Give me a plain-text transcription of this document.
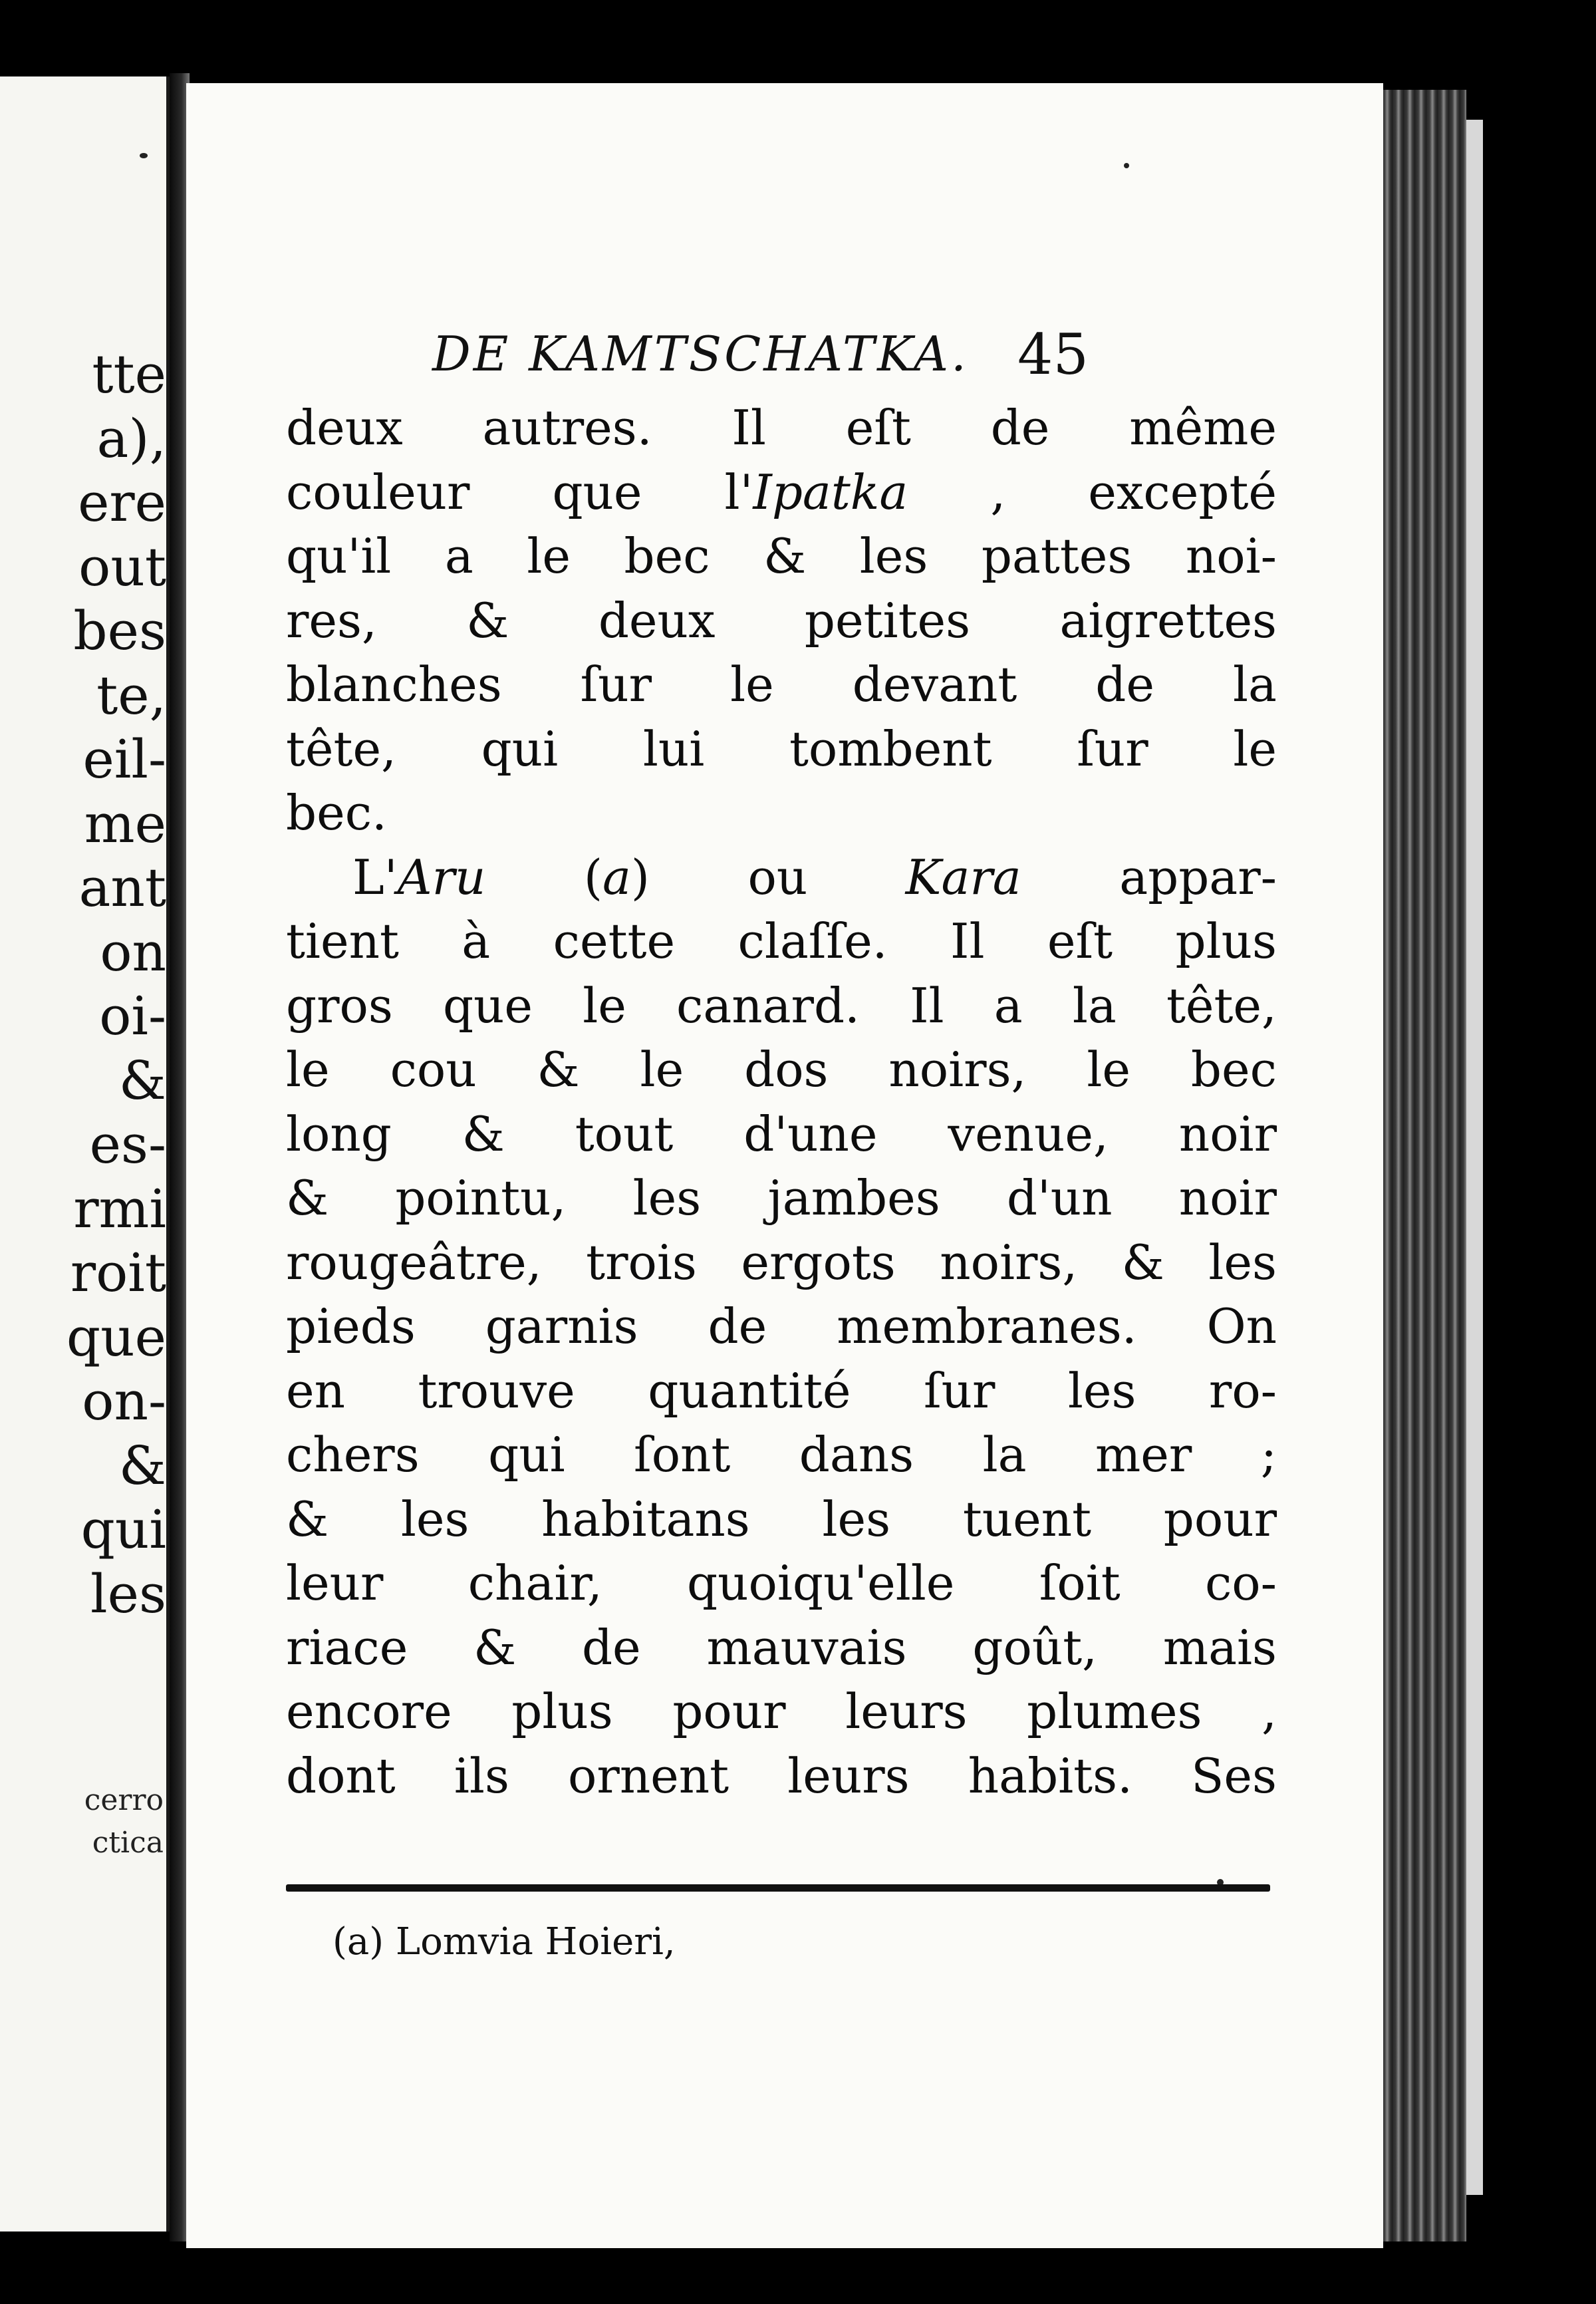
tte
a),
ere
out
bes
te,
eil-
me
ant
on
oi-
&
es-
rmi
roit
que
on-
&
qui
les
cerro
ctica
DE KAMTSCHATKA. 45
deux autres. Il eſt de même
couleur que l'Ipatka , excepté
qu'il a le bec & les pattes noi-
res, & deux petites aigrettes
blanches ſur le devant de la
tête, qui lui tombent ſur le
bec.
L'Aru (a) ou Kara appar-
tient à cette claſſe. Il eſt plus
gros que le canard. Il a la tête,
le cou & le dos noirs, le bec
long & tout d'une venue, noir
& pointu, les jambes d'un noir
rougeâtre, trois ergots noirs, & les
pieds garnis de membranes. On
en trouve quantité ſur les ro-
chers qui ſont dans la mer ;
& les habitans les tuent pour
leur chair, quoiqu'elle ſoit co-
riace & de mauvais goût, mais
encore plus pour leurs plumes ,
dont ils ornent leurs habits. Ses
(a) Lomvia Hoieri,
